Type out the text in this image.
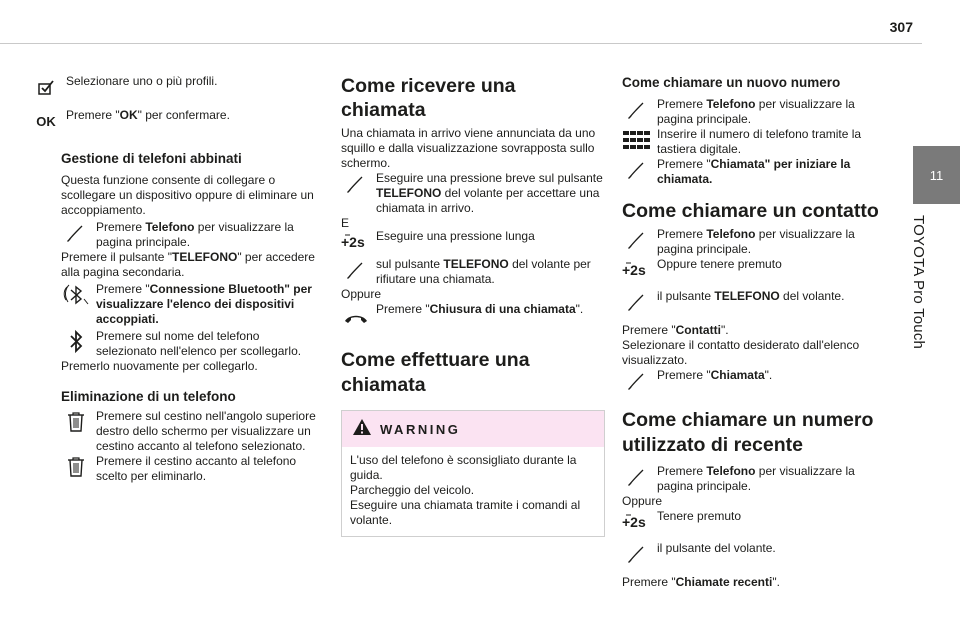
307
11
TOYOTA Pro Touch
Selezionare uno o più profili.
OK Premere "OK" per confermare.
Gestione di telefoni abbinati

Questa funzione consente di collegare o scollegare un dispositivo oppure di eliminare un accoppiamento.

Premere Telefono per visualizzare la pagina principale.

Premere il pulsante "TELEFONO" per accedere alla pagina secondaria.

Premere "Connessione Bluetooth" per visualizzare l'elenco dei dispositivi accoppiati.
Premere sul nome del telefono selezionato nell'elenco per scollegarlo.

Premerlo nuovamente per collegarlo.

Eliminazione di un telefono
Premere sul cestino nell'angolo superiore destro dello schermo per visualizzare un cestino accanto al telefono selezionato.
Premere il cestino accanto al telefono scelto per eliminarlo.
Come ricevere una chiamata

Una chiamata in arrivo viene annunciata da uno squillo e dalla visualizzazione sovrapposta sullo schermo.

Eseguire una pressione breve sul pulsante TELEFONO del volante per accettare una chiamata in arrivo.

E

+2s Eseguire una pressione lunga
sul pulsante TELEFONO del volante per rifiutare una chiamata.

Oppure

Premere "Chiusura di una chiamata".
Come effettuare una chiamata
WARNING

L'uso del telefono è sconsigliato durante la guida.

Parcheggio del veicolo.

Eseguire una chiamata tramite i comandi al volante.

Come chiamare un nuovo numero
Premere Telefono per visualizzare la pagina principale.
Inserire il numero di telefono tramite la tastiera digitale.
Premere "Chiamata" per iniziare la chiamata.
Come chiamare un contatto
Premere Telefono per visualizzare la pagina principale.
+2s Oppure tenere premuto
il pulsante TELEFONO del volante.

Premere "Contatti".

Selezionare il contatto desiderato dall'elenco visualizzato.

Premere "Chiamata".
Come chiamare un numero utilizzato di recente
Premere Telefono per visualizzare la pagina principale.

Oppure

+2s Tenere premuto
il pulsante del volante.

Premere "Chiamate recenti".
